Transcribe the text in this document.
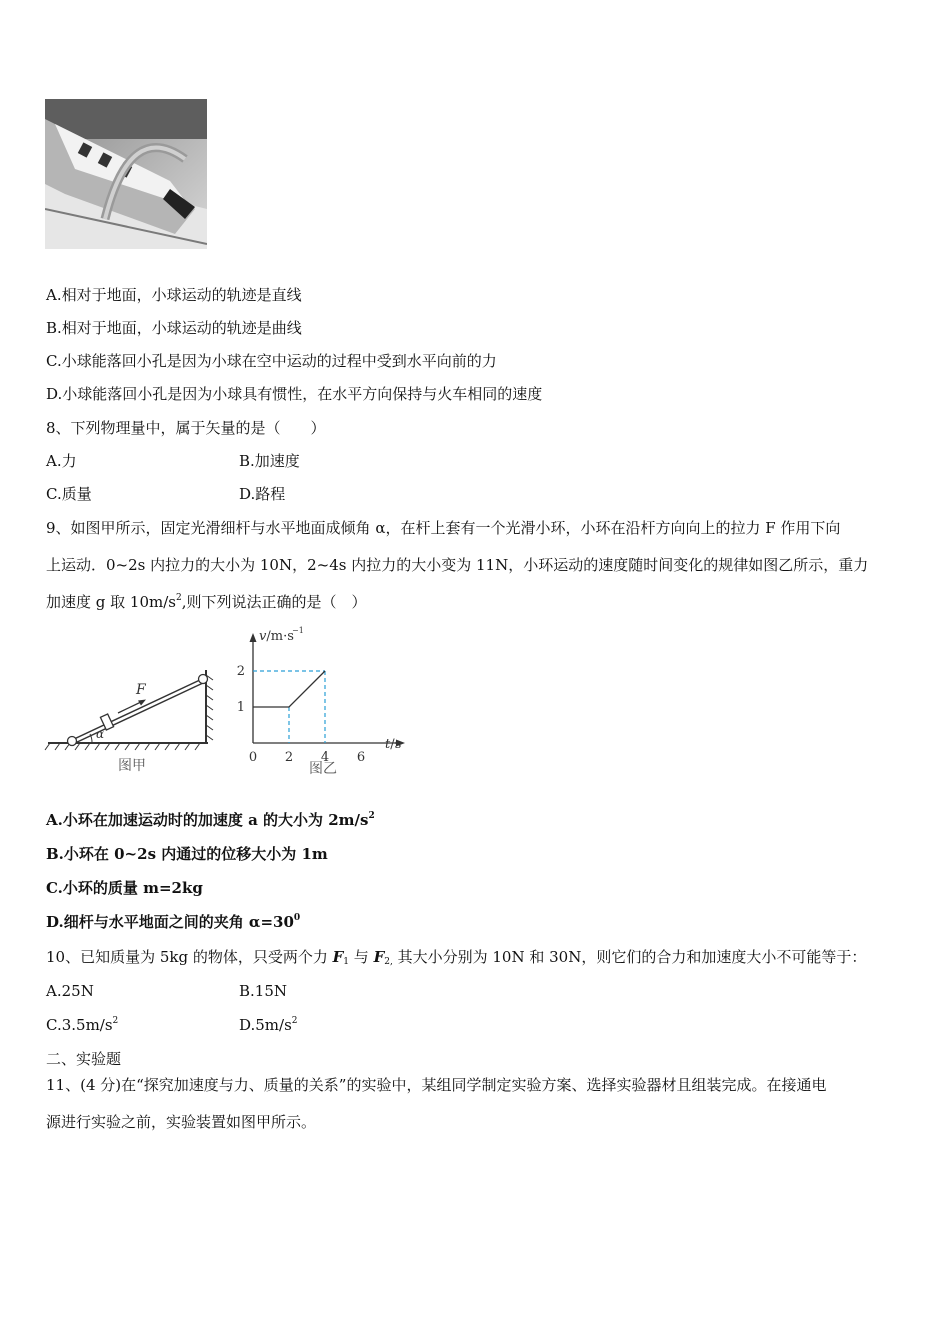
A.相对于地面，小球运动的轨迹是直线
B.相对于地面，小球运动的轨迹是曲线
C.小球能落回小孔是因为小球在空中运动的过程中受到水平向前的力
D.小球能落回小孔是因为小球具有惯性，在水平方向保持与火车相同的速度
8、下列物理量中，属于矢量的是（　　）
A.力	B.加速度
C.质量	D.路程
9、如图甲所示，固定光滑细杆与水平地面成倾角 α，在杆上套有一个光滑小环，小环在沿杆方向向上的拉力 F 作用下向
上运动．0~2s 内拉力的大小为 10N，2~4s 内拉力的大小变为 11N，小环运动的速度随时间变化的规律如图乙所示，重力
加速度 g 取 $10m/s^2$,则下列说法正确的是（　）
F
α
图甲
v/m·s
−1
t/s
0 2 4 6
1
2
图乙
A.小环在加速运动时的加速度 a 的大小为 $2m/s^2$
B.小环在 0~2s 内通过的位移大小为 1m
C.小环的质量 m=2kg
D.细杆与水平地面之间的夹角 $\alpha=30^0$
10、已知质量为 5kg 的物体，只受两个力 $F_1$ 与 $F_{2,}$ 其大小分别为 10N 和 30N，则它们的合力和加速度大小不可能等于：
A.25N	B.15N
$C.3.5m/s^2$	$D.5m/s^2$
二、实验题
11、(4 分)在“探究加速度与力、质量的关系”的实验中，某组同学制定实验方案、选择实验器材且组装完成。在接通电
源进行实验之前，实验装置如图甲所示。
